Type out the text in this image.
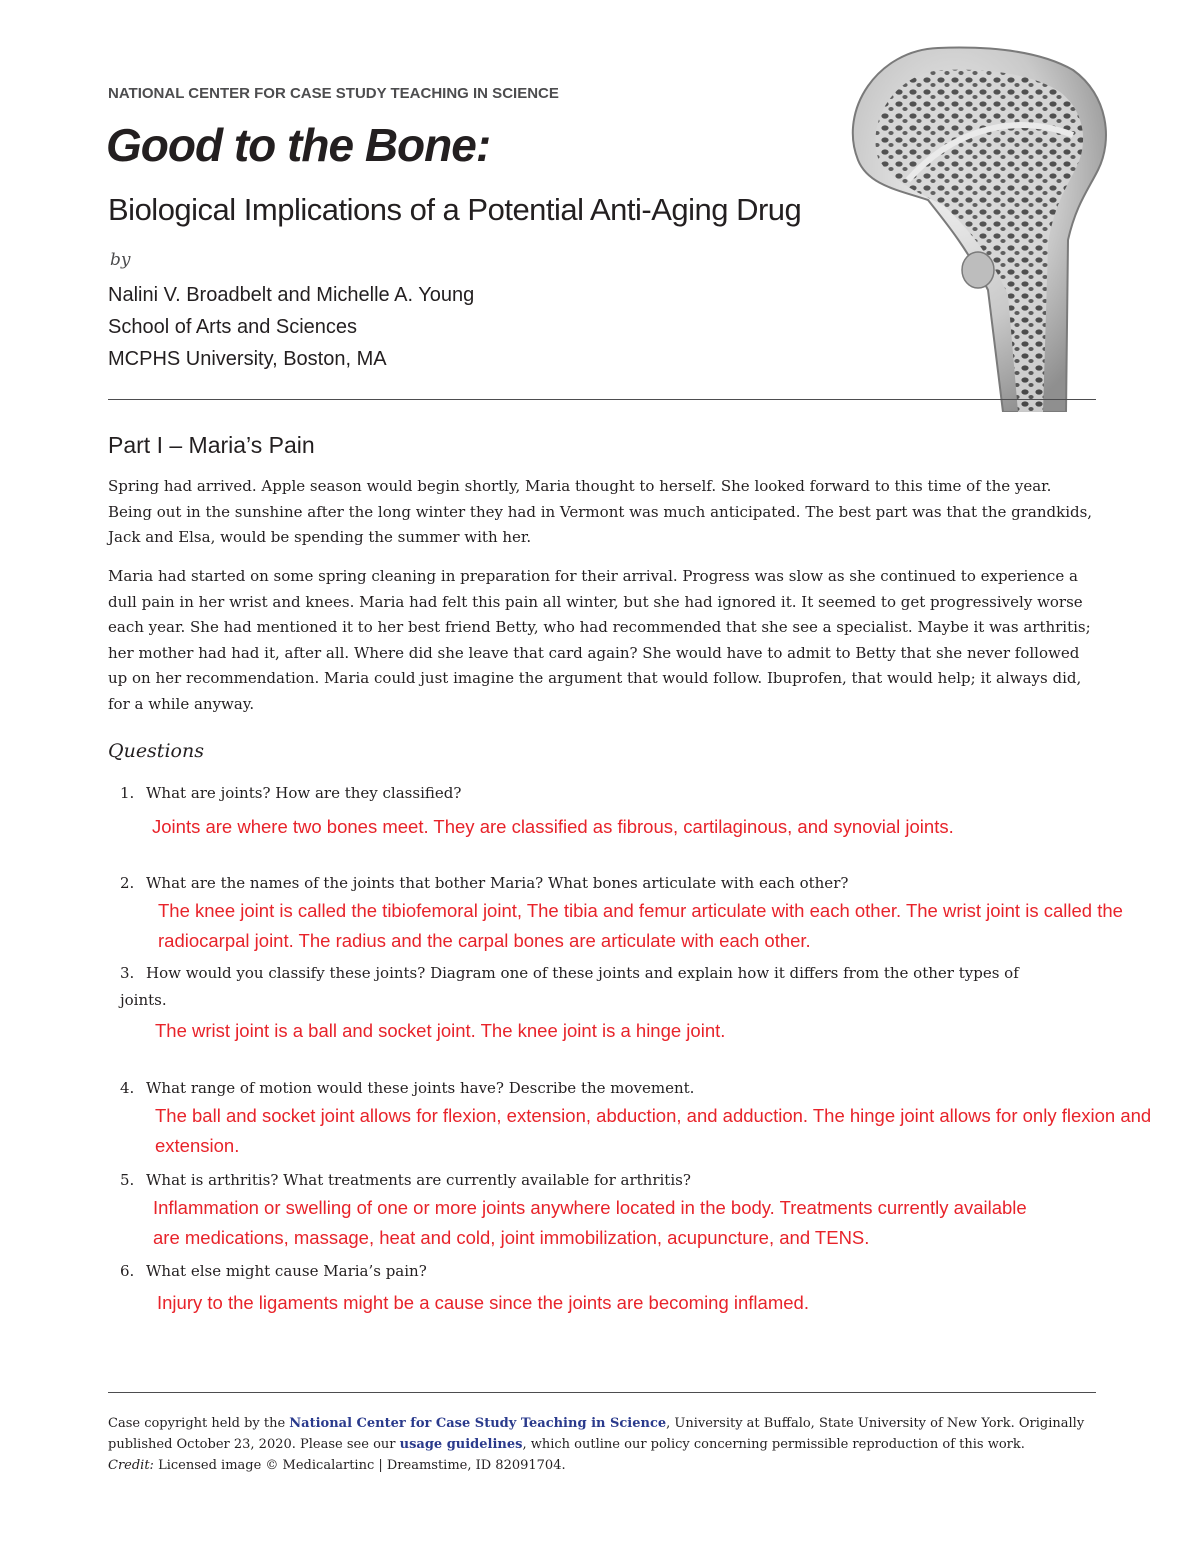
NATIONAL CENTER FOR CASE STUDY TEACHING IN SCIENCE
Good to the Bone:
Biological Implications of a Potential Anti-Aging Drug
by
Nalini V. Broadbelt and Michelle A. Young
School of Arts and Sciences
MCPHS University, Boston, MA
Part I – Maria’s Pain

Spring had arrived. Apple season would begin shortly, Maria thought to herself. She looked forward to this time of the year. Being out in the sunshine after the long winter they had in Vermont was much anticipated. The best part was that the grandkids, Jack and Elsa, would be spending the summer with her.

Maria had started on some spring cleaning in preparation for their arrival. Progress was slow as she continued to experience a dull pain in her wrist and knees. Maria had felt this pain all winter, but she had ignored it. It seemed to get progressively worse each year. She had mentioned it to her best friend Betty, who had recommended that she see a specialist. Maybe it was arthritis; her mother had had it, after all. Where did she leave that card again? She would have to admit to Betty that she never followed up on her recommendation. Maria could just imagine the argument that would follow. Ibuprofen, that would help; it always did, for a while anyway.

Questions
1. What are joints? How are they classified?
Joints are where two bones meet. They are classified as fibrous, cartilaginous, and synovial joints.
2. What are the names of the joints that bother Maria? What bones articulate with each other?
The knee joint is called the tibiofemoral joint, The tibia and femur articulate with each other. The wrist joint is called the radiocarpal joint. The radius and the carpal bones are articulate with each other.
3. How would you classify these joints? Diagram one of these joints and explain how it differs from the other types of joints.
The wrist joint is a ball and socket joint. The knee joint is a hinge joint.
4. What range of motion would these joints have? Describe the movement.
The ball and socket joint allows for flexion, extension, abduction, and adduction. The hinge joint allows for only flexion and extension.
5. What is arthritis? What treatments are currently available for arthritis?
Inflammation or swelling of one or more joints anywhere located in the body. Treatments currently available are medications, massage, heat and cold, joint immobilization, acupuncture, and TENS.
6. What else might cause Maria’s pain?
Injury to the ligaments might be a cause since the joints are becoming inflamed.
Case copyright held by the National Center for Case Study Teaching in Science, University at Buffalo, State University of New York. Originally published October 23, 2020. Please see our usage guidelines, which outline our policy concerning permissible reproduction of this work.
Credit: Licensed image © Medicalartinc | Dreamstime, ID 82091704.
